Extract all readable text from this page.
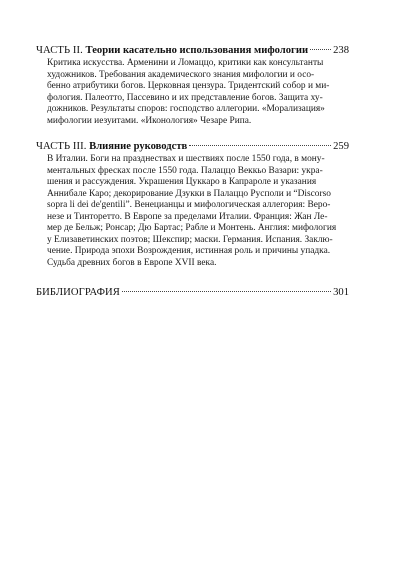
ЧАСТЬ II. Теории касательно использования мифологии 238
Критика искусства. Арменини и Ломаццо, критики как консультанты
художников. Требования академического знания мифологии и осо-
бенно атрибутики богов. Церковная цензура. Тридентский собор и ми-
фология. Палеотто, Пассевино и их представление богов. Защита ху-
дожников. Результаты споров: господство аллегории. «Морализация»
мифологии иезуитами. «Иконология» Чезаре Рипа.
ЧАСТЬ III. Влияние руководств	259
В Италии. Боги на празднествах и шествиях после 1550 года, в мону-
ментальных фресках после 1550 года. Палаццо Веккьо Вазари: укра-
шения и рассуждения. Украшения Цуккаро в Капрароле и указания
Аннибале Каро; декорирование Дзукки в Палаццо Русполи и “Discorso
sopra li dei de'gentili”. Венецианцы и мифологическая аллегория: Веро-
незе и Тинторетто. В Европе за пределами Италии. Франция: Жан Ле-
мер де Бельж; Ронсар; Дю Бартас; Рабле и Монтень. Англия: мифология
у Елизаветинских поэтов; Шекспир; маски. Германия. Испания. Заклю-
чение. Природа эпохи Возрождения, истинная роль и причины упадка.
Судьба древних богов в Европе XVII века.
БИБЛИОГРАФИЯ	301
